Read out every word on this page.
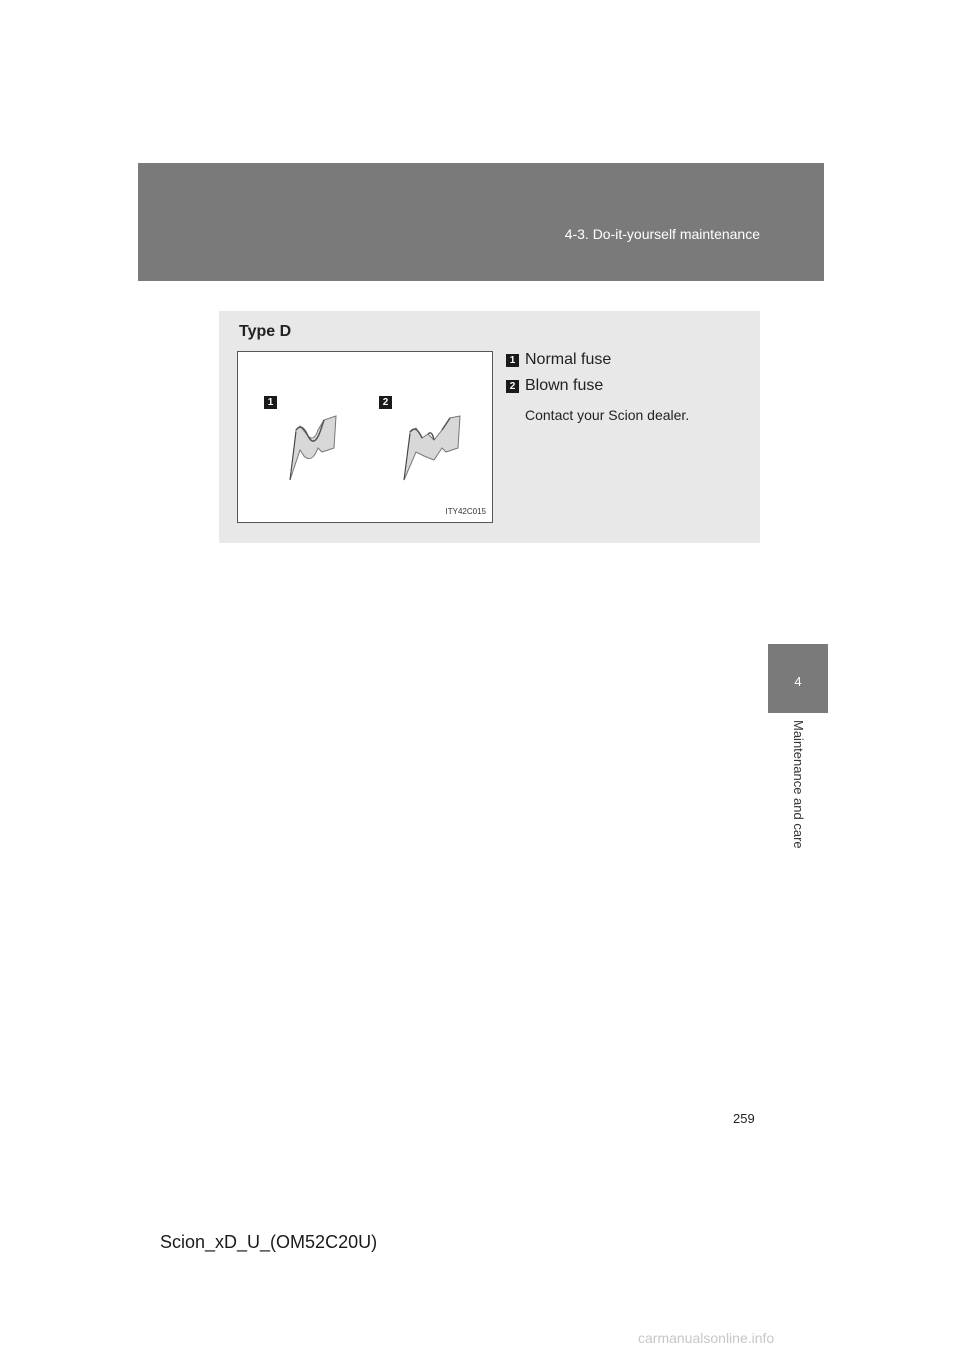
4-3. Do-it-yourself maintenance
4
Maintenance and care
Type D
1	2
ITY42C015
1 Normal fuse
2 Blown fuse
Contact your Scion dealer.
259
Scion_xD_U_(OM52C20U)
carmanualsonline.info
